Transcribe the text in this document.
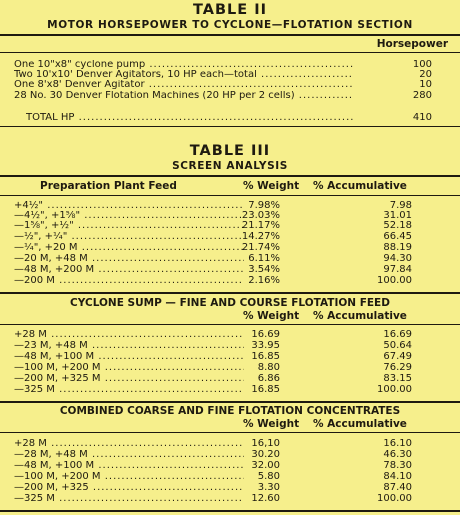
TABLE II
MOTOR HORSEPOWER TO CYCLONE—FLOTATION SECTION
Horsepower
One 10"x8" cyclone pump .....	100
Two 10'x10' Denver Agitators, 10 HP each—total .....	20
One 8'x8' Denver Agitator .....	10
28 No. 30 Denver Flotation Machines (20 HP per 2 cells) .....	280
TOTAL HP .....	410
TABLE III
SCREEN ANALYSIS
Preparation Plant Feed	% Weight % Accumulative
+4½" .....	7.98%	7.98
—4½", +1⅝" .....	23.03%	31.01
—1⅝", +½" .....	21.17%	52.18
—½", +¼" .....	14.27%	66.45
—¼", +20 M .....	21.74%	88.19
—20 M, +48 M .....	6.11%	94.30
—48 M, +200 M .....	3.54%	97.84
—200 M .....	2.16%	100.00
CYCLONE SUMP — FINE AND COURSE FLOTATION FEED
% Weight % Accumulative
+28 M .....	16.69	16.69
—23 M, +48 M .....	33.95	50.64
—48 M, +100 M .....	16.85	67.49
—100 M, +200 M .....	8.80	76.29
—200 M, +325 M .....	6.86	83.15
—325 M .....	16.85	100.00
COMBINED COARSE AND FINE FLOTATION CONCENTRATES
% Weight % Accumulative
+28 M .....	16,10	16.10
—28 M, +48 M .....	30.20	46.30
—48 M, +100 M .....	32.00	78.30
—100 M, +200 M .....	5.80	84.10
—200 M, +325 .....	3.30	87.40
—325 M .....	12.60	100.00
